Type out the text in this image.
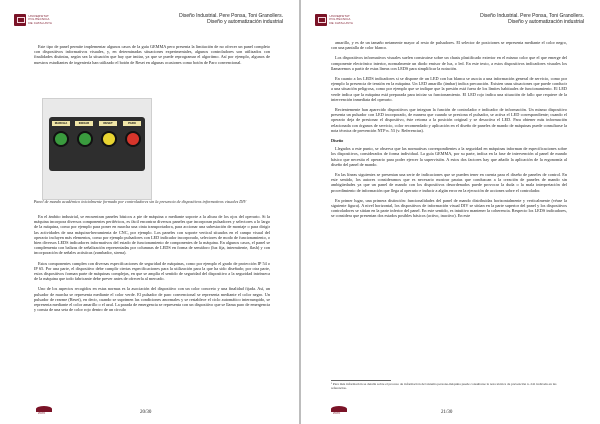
UNIVERSITAT POLITÈCNICA
DE CATALUNYA
Diseño Industrial. Pere Ponsa, Toni Granollers.
Diseño y automatización industrial

Este tipo de panel permite implementar algunos casos de la guía GEMMA pero presenta la limitación de no ofrecer un panel completo con dispositivos informativos visuales, y, en determinadas situaciones experimentales, algunos controladores son utilizados con finalidades distintas, según sea la situación que hay que imitar, ya que se puede reprogramar el algoritmo. Así por ejemplo, algunos de nuestros estudiantes de ingeniería han utilizado el botón de Reset en algunas ocasiones como botón de Paro convencional.

MARCHA	INICIAR	RESET	PARO
Panel de mando académico inicialmente formado por controladores sin la presencia de dispositivos informativos visuales DIV

En el ámbito industrial, se encuentran paneles básicos a pie de máquina o mediante soporte a la altura de los ojos del operario. Si la máquina incorpora diversos componentes periféricos, es fácil encontrar diversos paneles que incorporan pulsadores y selectores a lo largo de la máquina, como por ejemplo para poner en marcha una cinta transportadora, para accionar una subestación de montaje o para dirigir las actividades de una máquina-herramienta de CNC, por ejemplo. Los paneles con soporte vertical situados en el campo visual del operario incluyen más elementos, como por ejemplo pulsadores con LED indicador incorporado, selectores de modo de funcionamiento, o bien diversos LEDS indicadores informativos del estado de funcionamiento de componentes de la máquina. En algunos casos, el panel se complementa con balizas de señalización representadas por columnas de LEDS en forma de semáforo (luz fija, intermitente, flash) y con incorporación de señales acústicas (zumbador, sirena).

Estos componentes cumplen con diversas especificaciones de seguridad de máquinas, como por ejemplo el grado de protección IP 54 o IP 65. Por una parte, el dispositivo debe cumplir ciertas especificaciones para la utilización para la que ha sido diseñado; por otra parte, estos dispositivos forman parte de máquinas complejas, en que se amplía el sentido de seguridad del dispositivo a la seguridad intrínseca de la máquina que todo fabricante debe prever antes de ofrecerla al mercado.

Uno de los aspectos recogidos en estas normas es la asociación del dispositivo con un color concreto y una finalidad fijada. Así, un pulsador de marcha se representa mediante el color verde. El pulsador de paro convencional se representa mediante el color negro. Un pulsador de rearme (Reset), en decir, cuando se suprimen las condiciones anormales y se restablece el ciclo automático interrumpido, se representa mediante el color amarillo o el azul. La parada de emergencia se representa con un dispositivo que se llama paro de emergencia y consta de una seta de color rojo dentro de un círculo

ИСРО	20/30
UNIVERSITAT POLITÈCNICA
DE CATALUNYA
Diseño Industrial. Pere Ponsa, Toni Granollers.
Diseño y automatización industrial

amarillo, y es de un tamaño netamente mayor al resto de pulsadores. El selector de posiciones se representa mediante el color negro, con una pantalla de color blanco.

Los dispositivos informativos visuales suelen construirse sobre un chasis plastificado exterior en el mismo color que el que emerge del componente electrónico interior, normalmente un diodo emisor de luz, o led. En este texto, a estos dispositivos indicadores visuales los llamaremos a partir de estas líneas con LEDS para simplificar la notación.

En cuanto a los LEDS indicadores si se dispone de un LED con luz blanca se asocia a una información general de servicio, como por ejemplo la presencia de tensión en la máquina. Un LED amarillo (ámbar) indica precaución. Existen unas situaciones que puede conducir a una situación peligrosa, como por ejemplo que se indique que la presión está fuera de los límites habituales de funcionamiento. El LED verde indica que la máquina está preparada para iniciar su funcionamiento. El LED rojo indica una situación de fallo que requiere de la intervención inmediata del operario.

Recientemente han aparecido dispositivos que integran la función de controlador e indicador de información. Un mismo dispositivo presenta un pulsador con LED incorporado, de manera que cuando se presiona el pulsador, se activa el LED correspondiente; cuando el operario deja de presionar el dispositivo, éste retorna a la posición original y se desactiva el LED. Para obtener más información relacionada con órganos de servicio, color recomendado y aplicación en el diseño de paneles de mando de máquinas puede consultarse la nota técnica de prevención NTP n. 53 (v. Referencias).

Diseño

Llegados a este punto, se observa que las normativas correspondientes a la seguridad en máquinas informan de especificaciones sobre los dispositivos, considerados de forma individual. La guía GEMMA, por su parte, indica en la fase de intervención al panel de mando básico que necesita el operario para poder ejercer la supervisión. A estos dos factores hay que añadir la aplicación de la ergonomía al diseño del panel de mando.

En las líneas siguientes se presentan una serie de indicaciones que se pueden tener en cuenta para el diseño de paneles de control. En este sentido, los autores consideramos que es necesario mostrar pautas que conduzcan a la creación de paneles de mando sin ambigüedades ya que un panel de mando con los dispositivos desordenados puede provocar la duda o la mala interpretación del procedimiento de información que llega al operario e inducir a algún error en la ejecución de acciones sobre el controlador.

En primer lugar, una primera distinción: funcionalidades del panel de mando distribuidas horizontalmente y verticalmente (véase la siguiente figura). A nivel horizontal, los dispositivos de información visual DIV se sitúan en la parte superior del panel y los dispositivos controladores se sitúan en la parte inferior del panel. En este sentido, es intuitivo mantener la coherencia. Respecto los LEDS indicadores, se considera que presentan dos estados posibles básicos (activo, inactivo). En este

¹ Para más información se detalla sobre el proceso de información del sistema persona-máquina puede consultarse la nota técnica de prevención n. 241 indicada en las referencias.
ИСРО	21/30
